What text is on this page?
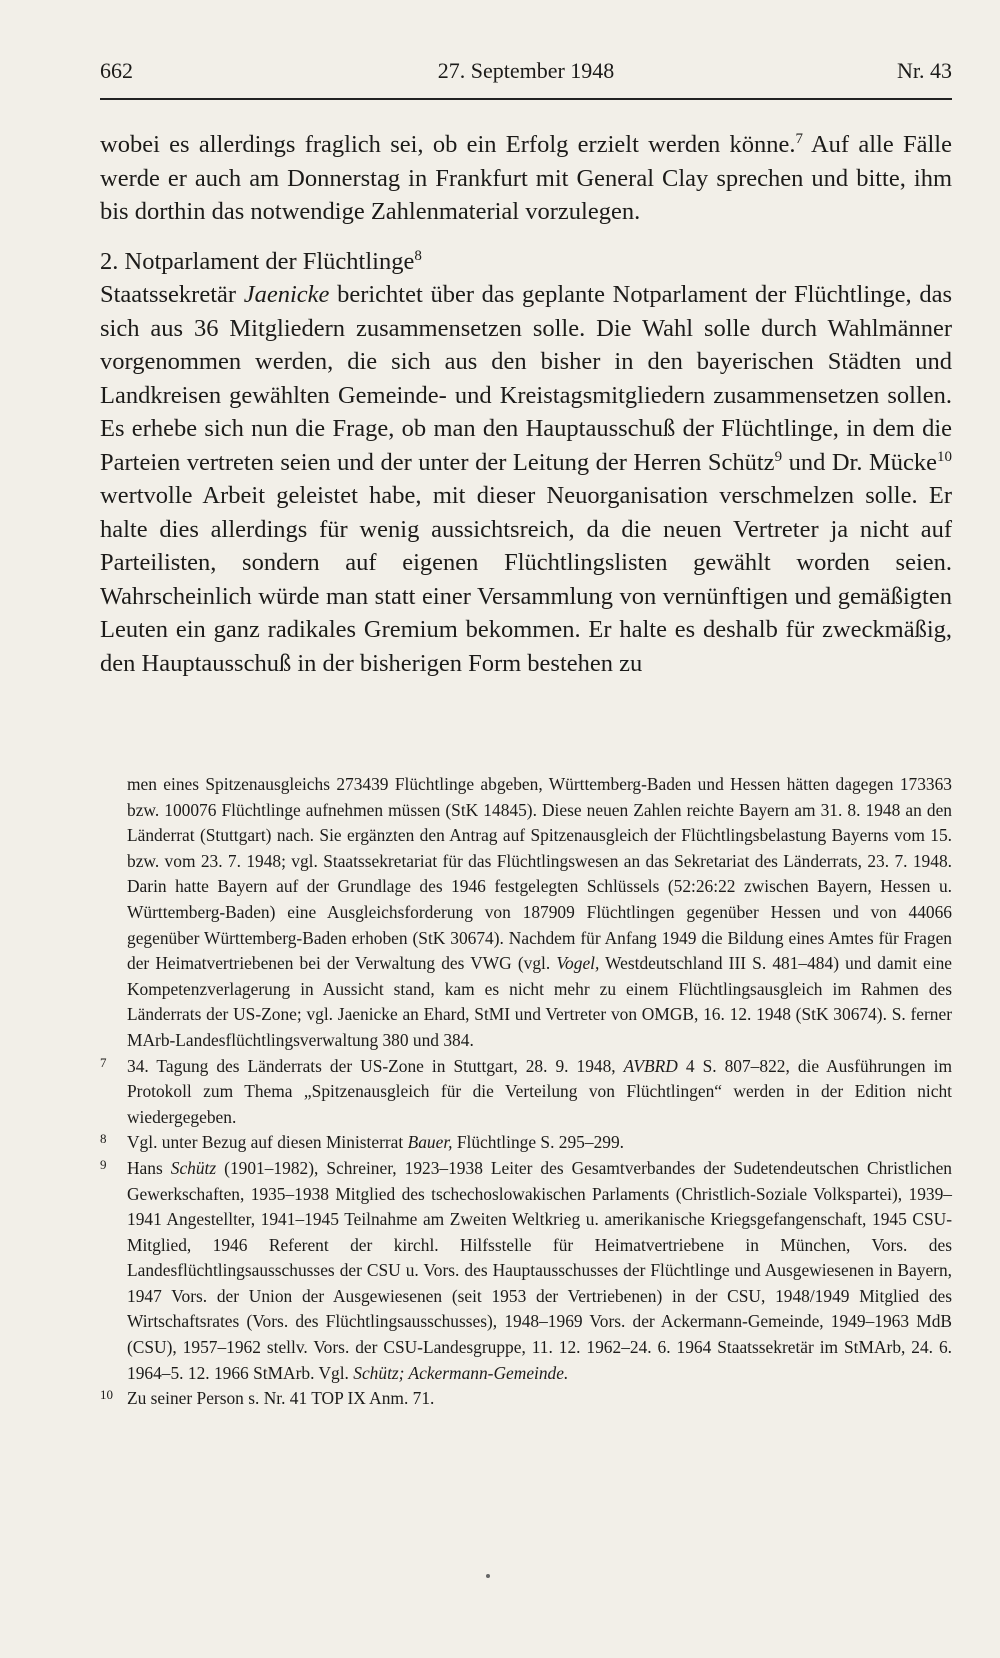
662	27. September 1948	Nr. 43

wobei es allerdings fraglich sei, ob ein Erfolg erzielt werden könne.$^7$ Auf alle Fälle werde er auch am Donnerstag in Frankfurt mit General Clay sprechen und bitte, ihm bis dorthin das notwendige Zahlenmaterial vorzulegen.

2. Notparlament der Flüchtlinge$^8$

Staatssekretär Jaenicke berichtet über das geplante Notparlament der Flüchtlinge, das sich aus 36 Mitgliedern zusammensetzen solle. Die Wahl solle durch Wahlmänner vorgenommen werden, die sich aus den bisher in den bayerischen Städten und Landkreisen gewählten Gemeinde- und Kreistagsmitgliedern zusammensetzen sollen. Es erhebe sich nun die Frage, ob man den Hauptausschuß der Flüchtlinge, in dem die Parteien vertreten seien und der unter der Leitung der Herren Schütz$^9$ und Dr. Mücke$^{10}$ wertvolle Arbeit geleistet habe, mit dieser Neuorganisation verschmelzen solle. Er halte dies allerdings für wenig aussichtsreich, da die neuen Vertreter ja nicht auf Parteilisten, sondern auf eigenen Flüchtlingslisten gewählt worden seien. Wahrscheinlich würde man statt einer Versammlung von vernünftigen und gemäßigten Leuten ein ganz radikales Gremium bekommen. Er halte es deshalb für zweckmäßig, den Hauptausschuß in der bisherigen Form bestehen zu

men eines Spitzenausgleichs 273439 Flüchtlinge abgeben, Württemberg-Baden und Hessen hätten dagegen 173363 bzw. 100076 Flüchtlinge aufnehmen müssen (StK 14845). Diese neuen Zahlen reichte Bayern am 31. 8. 1948 an den Länderrat (Stuttgart) nach. Sie ergänzten den Antrag auf Spitzenausgleich der Flüchtlingsbelastung Bayerns vom 15. bzw. vom 23. 7. 1948; vgl. Staatssekretariat für das Flüchtlingswesen an das Sekretariat des Länderrats, 23. 7. 1948. Darin hatte Bayern auf der Grundlage des 1946 festgelegten Schlüssels (52:26:22 zwischen Bayern, Hessen u. Württemberg-Baden) eine Ausgleichsforderung von 187909 Flüchtlingen gegenüber Hessen und von 44066 gegenüber Württemberg-Baden erhoben (StK 30674). Nachdem für Anfang 1949 die Bildung eines Amtes für Fragen der Heimatvertriebenen bei der Verwaltung des VWG (vgl. Vogel, Westdeutschland III S. 481–484) und damit eine Kompetenzverlagerung in Aussicht stand, kam es nicht mehr zu einem Flüchtlingsausgleich im Rahmen des Länderrats der US-Zone; vgl. Jaenicke an Ehard, StMI und Vertreter von OMGB, 16. 12. 1948 (StK 30674). S. ferner MArb-Landesflüchtlingsverwaltung 380 und 384.

7 34. Tagung des Länderrats der US-Zone in Stuttgart, 28. 9. 1948, AVBRD 4 S. 807–822, die Ausführungen im Protokoll zum Thema „Spitzenausgleich für die Verteilung von Flüchtlingen“ werden in der Edition nicht wiedergegeben.

8 Vgl. unter Bezug auf diesen Ministerrat Bauer, Flüchtlinge S. 295–299.

9 Hans Schütz (1901–1982), Schreiner, 1923–1938 Leiter des Gesamtverbandes der Sudetendeutschen Christlichen Gewerkschaften, 1935–1938 Mitglied des tschechoslowakischen Parlaments (Christlich-Soziale Volkspartei), 1939–1941 Angestellter, 1941–1945 Teilnahme am Zweiten Weltkrieg u. amerikanische Kriegsgefangenschaft, 1945 CSU-Mitglied, 1946 Referent der kirchl. Hilfsstelle für Heimatvertriebene in München, Vors. des Landesflüchtlingsausschusses der CSU u. Vors. des Hauptausschusses der Flüchtlinge und Ausgewiesenen in Bayern, 1947 Vors. der Union der Ausgewiesenen (seit 1953 der Vertriebenen) in der CSU, 1948/1949 Mitglied des Wirtschaftsrates (Vors. des Flüchtlingsausschusses), 1948–1969 Vors. der Ackermann-Gemeinde, 1949–1963 MdB (CSU), 1957–1962 stellv. Vors. der CSU-Landesgruppe, 11. 12. 1962–24. 6. 1964 Staatssekretär im StMArb, 24. 6. 1964–5. 12. 1966 StMArb. Vgl. Schütz; Ackermann-Gemeinde.

10 Zu seiner Person s. Nr. 41 TOP IX Anm. 71.
